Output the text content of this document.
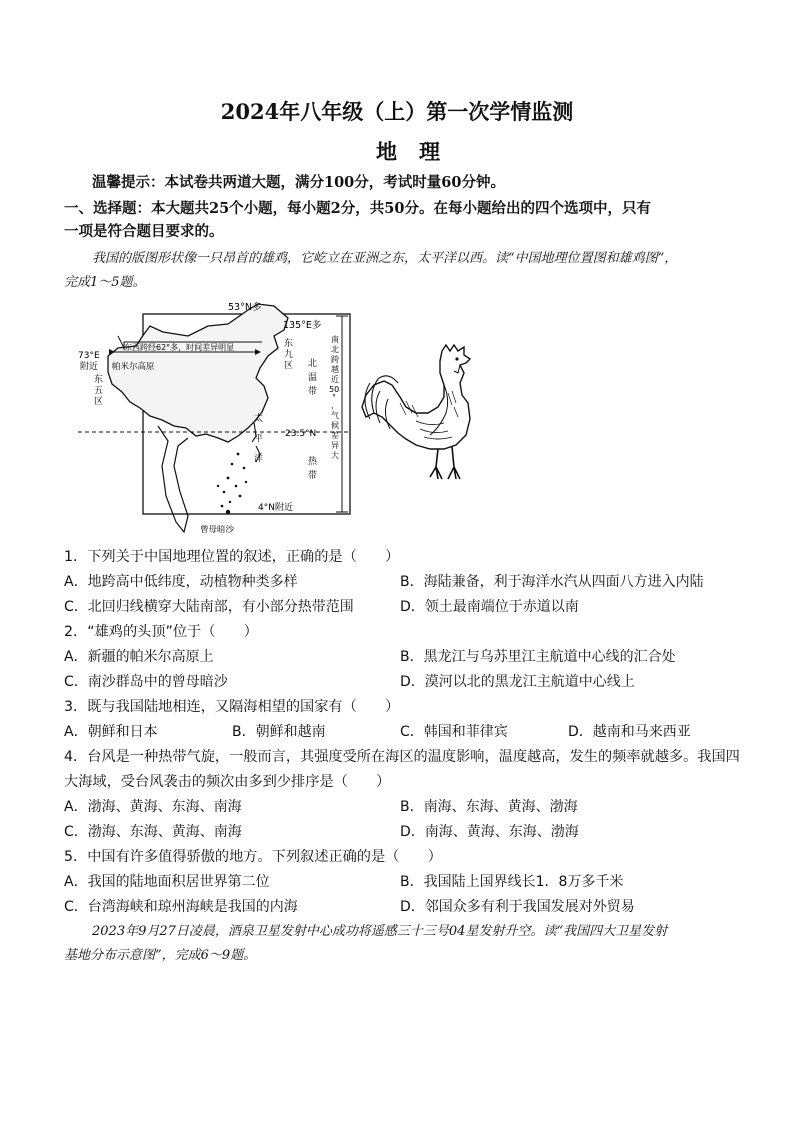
2024年八年级（上）第一次学情监测
地理
温馨提示：本试卷共两道大题，满分100分，考试时量60分钟。
一、选择题：本大题共25个小题，每小题2分，共50分。在每小题给出的四个选项中，只有
一项是符合题目要求的。
我国的版图形状像一只昂首的雄鸡，它屹立在亚洲之东，太平洋以西。读“中国地理位置图和雄鸡图”，
完成1～5题。
53°N多
135°E多
73°E
附近
东
五
区
东
九
区
东西跨经62°多，时间差异明显
帕米尔高原
太
平
洋
23.5°N
4°N附近
曾母暗沙
北
温
带
热
带
南
北
跨
越
近
50
°
，
气
候
差
异
大
1．下列关于中国地理位置的叙述，正确的是（　　）
A．地跨高中低纬度，动植物种类多样	B．海陆兼备，利于海洋水汽从四面八方进入内陆
C．北回归线横穿大陆南部，有小部分热带范围	D．领土最南端位于赤道以南
2．“雄鸡的头顶”位于（　　）
A．新疆的帕米尔高原上	B．黑龙江与乌苏里江主航道中心线的汇合处
C．南沙群岛中的曾母暗沙	D．漠河以北的黑龙江主航道中心线上
3．既与我国陆地相连，又隔海相望的国家有（　　）
A．朝鲜和日本	B．朝鲜和越南	C．韩国和菲律宾	D．越南和马来西亚
4．台风是一种热带气旋，一般而言，其强度受所在海区的温度影响，温度越高，发生的频率就越多。我国四
大海域，受台风袭击的频次由多到少排序是（　　）
A．渤海、黄海、东海、南海	B．南海、东海、黄海、渤海
C．渤海、东海、黄海、南海	D．南海、黄海、东海、渤海
5．中国有许多值得骄傲的地方。下列叙述正确的是（　　）
A．我国的陆地面积居世界第二位	B．我国陆上国界线长1．8万多千米
C．台湾海峡和琼州海峡是我国的内海	D．邻国众多有利于我国发展对外贸易
2023年9月27日凌晨，酒泉卫星发射中心成功将遥感三十三号04星发射升空。读“我国四大卫星发射
基地分布示意图”，完成6～9题。
